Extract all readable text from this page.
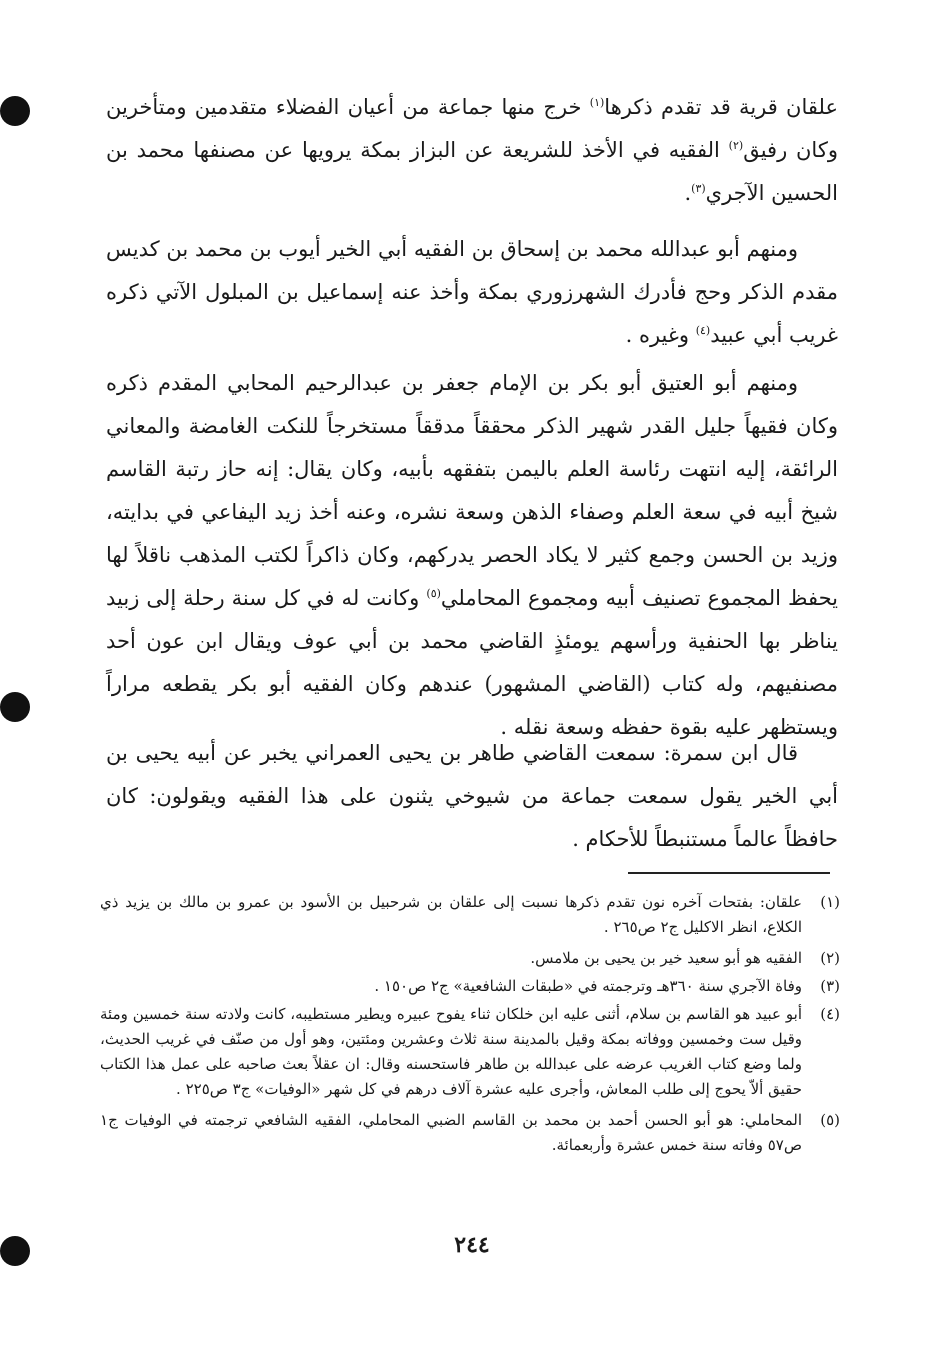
علقان قرية قد تقدم ذكرها$^{(١)}$ خرج منها جماعة من أعيان الفضلاء متقدمين ومتأخرين وكان رفيق$^{(٢)}$ الفقيه في الأخذ للشريعة عن البزاز بمكة يرويها عن مصنفها محمد بن الحسين الآجري$^{(٣)}$.

ومنهم أبو عبدالله محمد بن إسحاق بن الفقيه أبي الخير أيوب بن محمد بن كديس مقدم الذكر وحج فأدرك الشهرزوري بمكة وأخذ عنه إسماعيل بن المبلول الآتي ذكره غريب أبي عبيد$^{(٤)}$ وغيره .

ومنهم أبو العتيق أبو بكر بن الإمام جعفر بن عبدالرحيم المحابي المقدم ذكره وكان فقيهاً جليل القدر شهير الذكر محققاً مدققاً مستخرجاً للنكت الغامضة والمعاني الرائقة، إليه انتهت رئاسة العلم باليمن بتفقهه بأبيه، وكان يقال: إنه حاز رتبة القاسم شيخ أبيه في سعة العلم وصفاء الذهن وسعة نشره، وعنه أخذ زيد اليفاعي في بدايته، وزيد بن الحسن وجمع كثير لا يكاد الحصر يدركهم، وكان ذاكراً لكتب المذهب ناقلاً لها يحفظ المجموع تصنيف أبيه ومجموع المحاملي$^{(٥)}$ وكانت له في كل سنة رحلة إلى زبيد يناظر بها الحنفية ورأسهم يومئذٍ القاضي محمد بن أبي عوف ويقال ابن عون أحد مصنفيهم، وله كتاب (القاضي المشهور) عندهم وكان الفقيه أبو بكر يقطعه مراراً ويستظهر عليه بقوة حفظه وسعة نقله .

قال ابن سمرة: سمعت القاضي طاهر بن يحيى العمراني يخبر عن أبيه يحيى بن أبي الخير يقول سمعت جماعة من شيوخي يثنون على هذا الفقيه ويقولون: كان حافظاً عالماً مستنبطاً للأحكام .

(١)
علقان: بفتحات آخره نون تقدم ذكرها نسبت إلى علقان بن شرحبيل بن الأسود بن عمرو بن مالك بن يزيد ذي الكلاع، انظر الاكليل ج٢ ص٢٦٥ .
(٢)
الفقيه هو أبو سعيد خير بن يحيى بن ملامس.
(٣)
وفاة الآجري سنة ٣٦٠هـ وترجمته في «طبقات الشافعية» ج٢ ص١٥٠ .
(٤)
أبو عبيد هو القاسم بن سلام، أثنى عليه ابن خلكان ثناء يفوح عبيره ويطير مستطيبه، كانت ولادته سنة خمسين ومئة وقيل ست وخمسين ووفاته بمكة وقيل بالمدينة سنة ثلاث وعشرين ومئتين، وهو أول من صنّف في غريب الحديث، ولما وضع كتاب الغريب عرضه على عبدالله بن طاهر فاستحسنه وقال: ان عقلاً بعث صاحبه على عمل هذا الكتاب حقيق ألاّ يحوج إلى طلب المعاش، وأجرى عليه عشرة آلاف درهم في كل شهر «الوفيات» ج٣ ص٢٢٥ .
(٥)
المحاملي: هو أبو الحسن أحمد بن محمد بن القاسم الضبي المحاملي، الفقيه الشافعي ترجمته في الوفيات ج١ ص٥٧ وفاته سنة خمس عشرة وأربعمائة.
٢٤٤
